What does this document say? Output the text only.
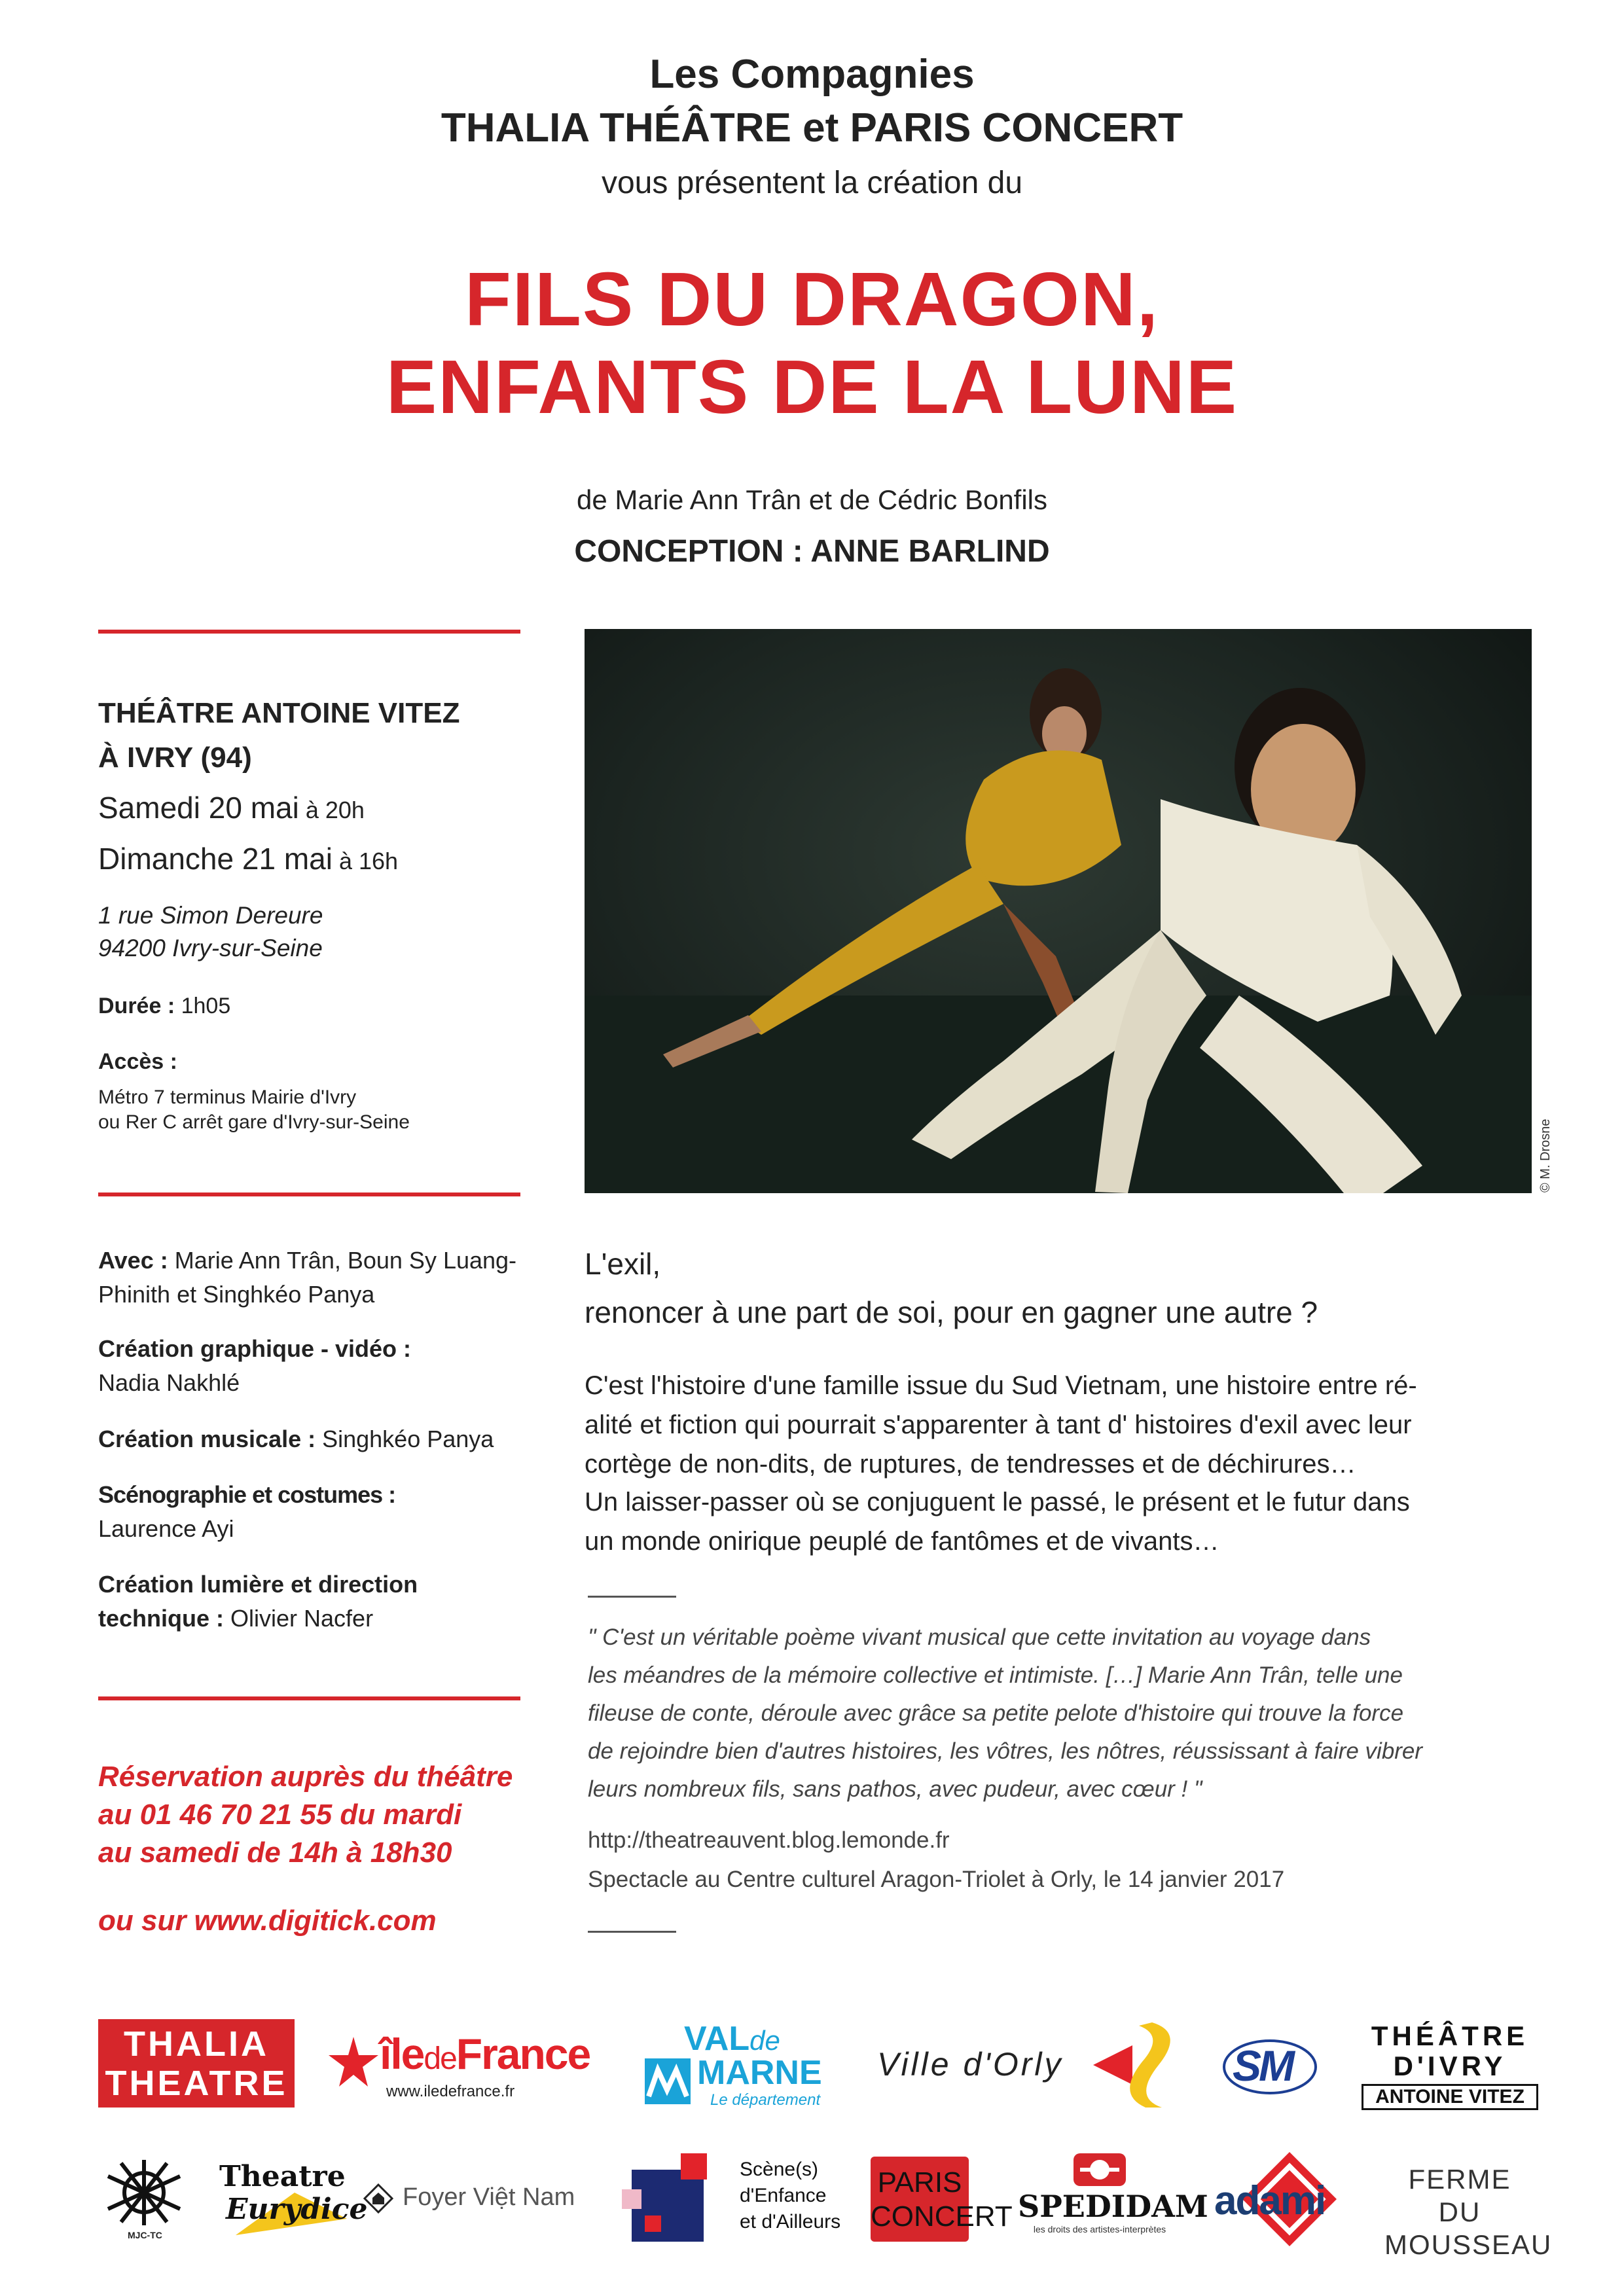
Les Compagnies
THALIA THÉÂTRE et PARIS CONCERT
vous présentent la création du
FILS DU DRAGON,
ENFANTS DE LA LUNE
de Marie Ann Trân et de Cédric Bonfils
CONCEPTION : ANNE BARLIND
THÉÂTRE ANTOINE VITEZ
À IVRY (94)
Samedi 20 mai à 20h
Dimanche 21 mai à 16h
1 rue Simon Dereure
94200 Ivry-sur-Seine
Durée : 1h05
Accès :
Métro 7 terminus Mairie d'Ivry
ou Rer C arrêt gare d'Ivry-sur-Seine
Avec : Marie Ann Trân, Boun Sy Luang-
Phinith et Singhkéo Panya
Création graphique - vidéo :
Nadia Nakhlé
Création musicale : Singhkéo Panya
Scénographie et costumes :
Laurence Ayi
Création lumière et direction
technique : Olivier Nacfer
Réservation auprès du théâtre
au 01 46 70 21 55 du mardi
au samedi de 14h à 18h30
ou sur www.digitick.com
© M. Drosne
L'exil,
renoncer à une part de soi, pour en gagner une autre ?
C'est l'histoire d'une famille issue du Sud Vietnam, une histoire entre ré-
alité et fiction qui pourrait s'apparenter à tant d' histoires d'exil avec leur
cortège de non-dits, de ruptures, de tendresses et de déchirures…
Un laisser-passer où se conjuguent le passé, le présent et le futur dans
un monde onirique peuplé de fantômes et de vivants…
" C'est un véritable poème vivant musical que cette invitation au voyage dans
les méandres de la mémoire collective et intimiste. […] Marie Ann Trân, telle une
fileuse de conte, déroule avec grâce sa petite pelote d'histoire qui trouve la force
de rejoindre bien d'autres histoires, les vôtres, les nôtres, réussissant à faire vibrer
leurs nombreux fils, sans pathos, avec pudeur, avec cœur ! "
http://theatreauvent.blog.lemonde.fr
Spectacle au Centre culturel Aragon-Triolet à Orly, le 14 janvier 2017
THALIA
THEATRE
îledeFrance
www.iledefrance.fr
VALde
MARNE
Le département
Ville d'Orly	SM
THÉÂTRE
D'IVRY
ANTOINE VITEZ
MJC-TC
Theatre
Eurydice Foyer Việt Nam
Scène(s)
d'Enfance
et d'Ailleurs
PARIS
CONCERT SPEDIDAM
les droits des artistes-interprètes
adami	FERME DU
MOUSSEAU
